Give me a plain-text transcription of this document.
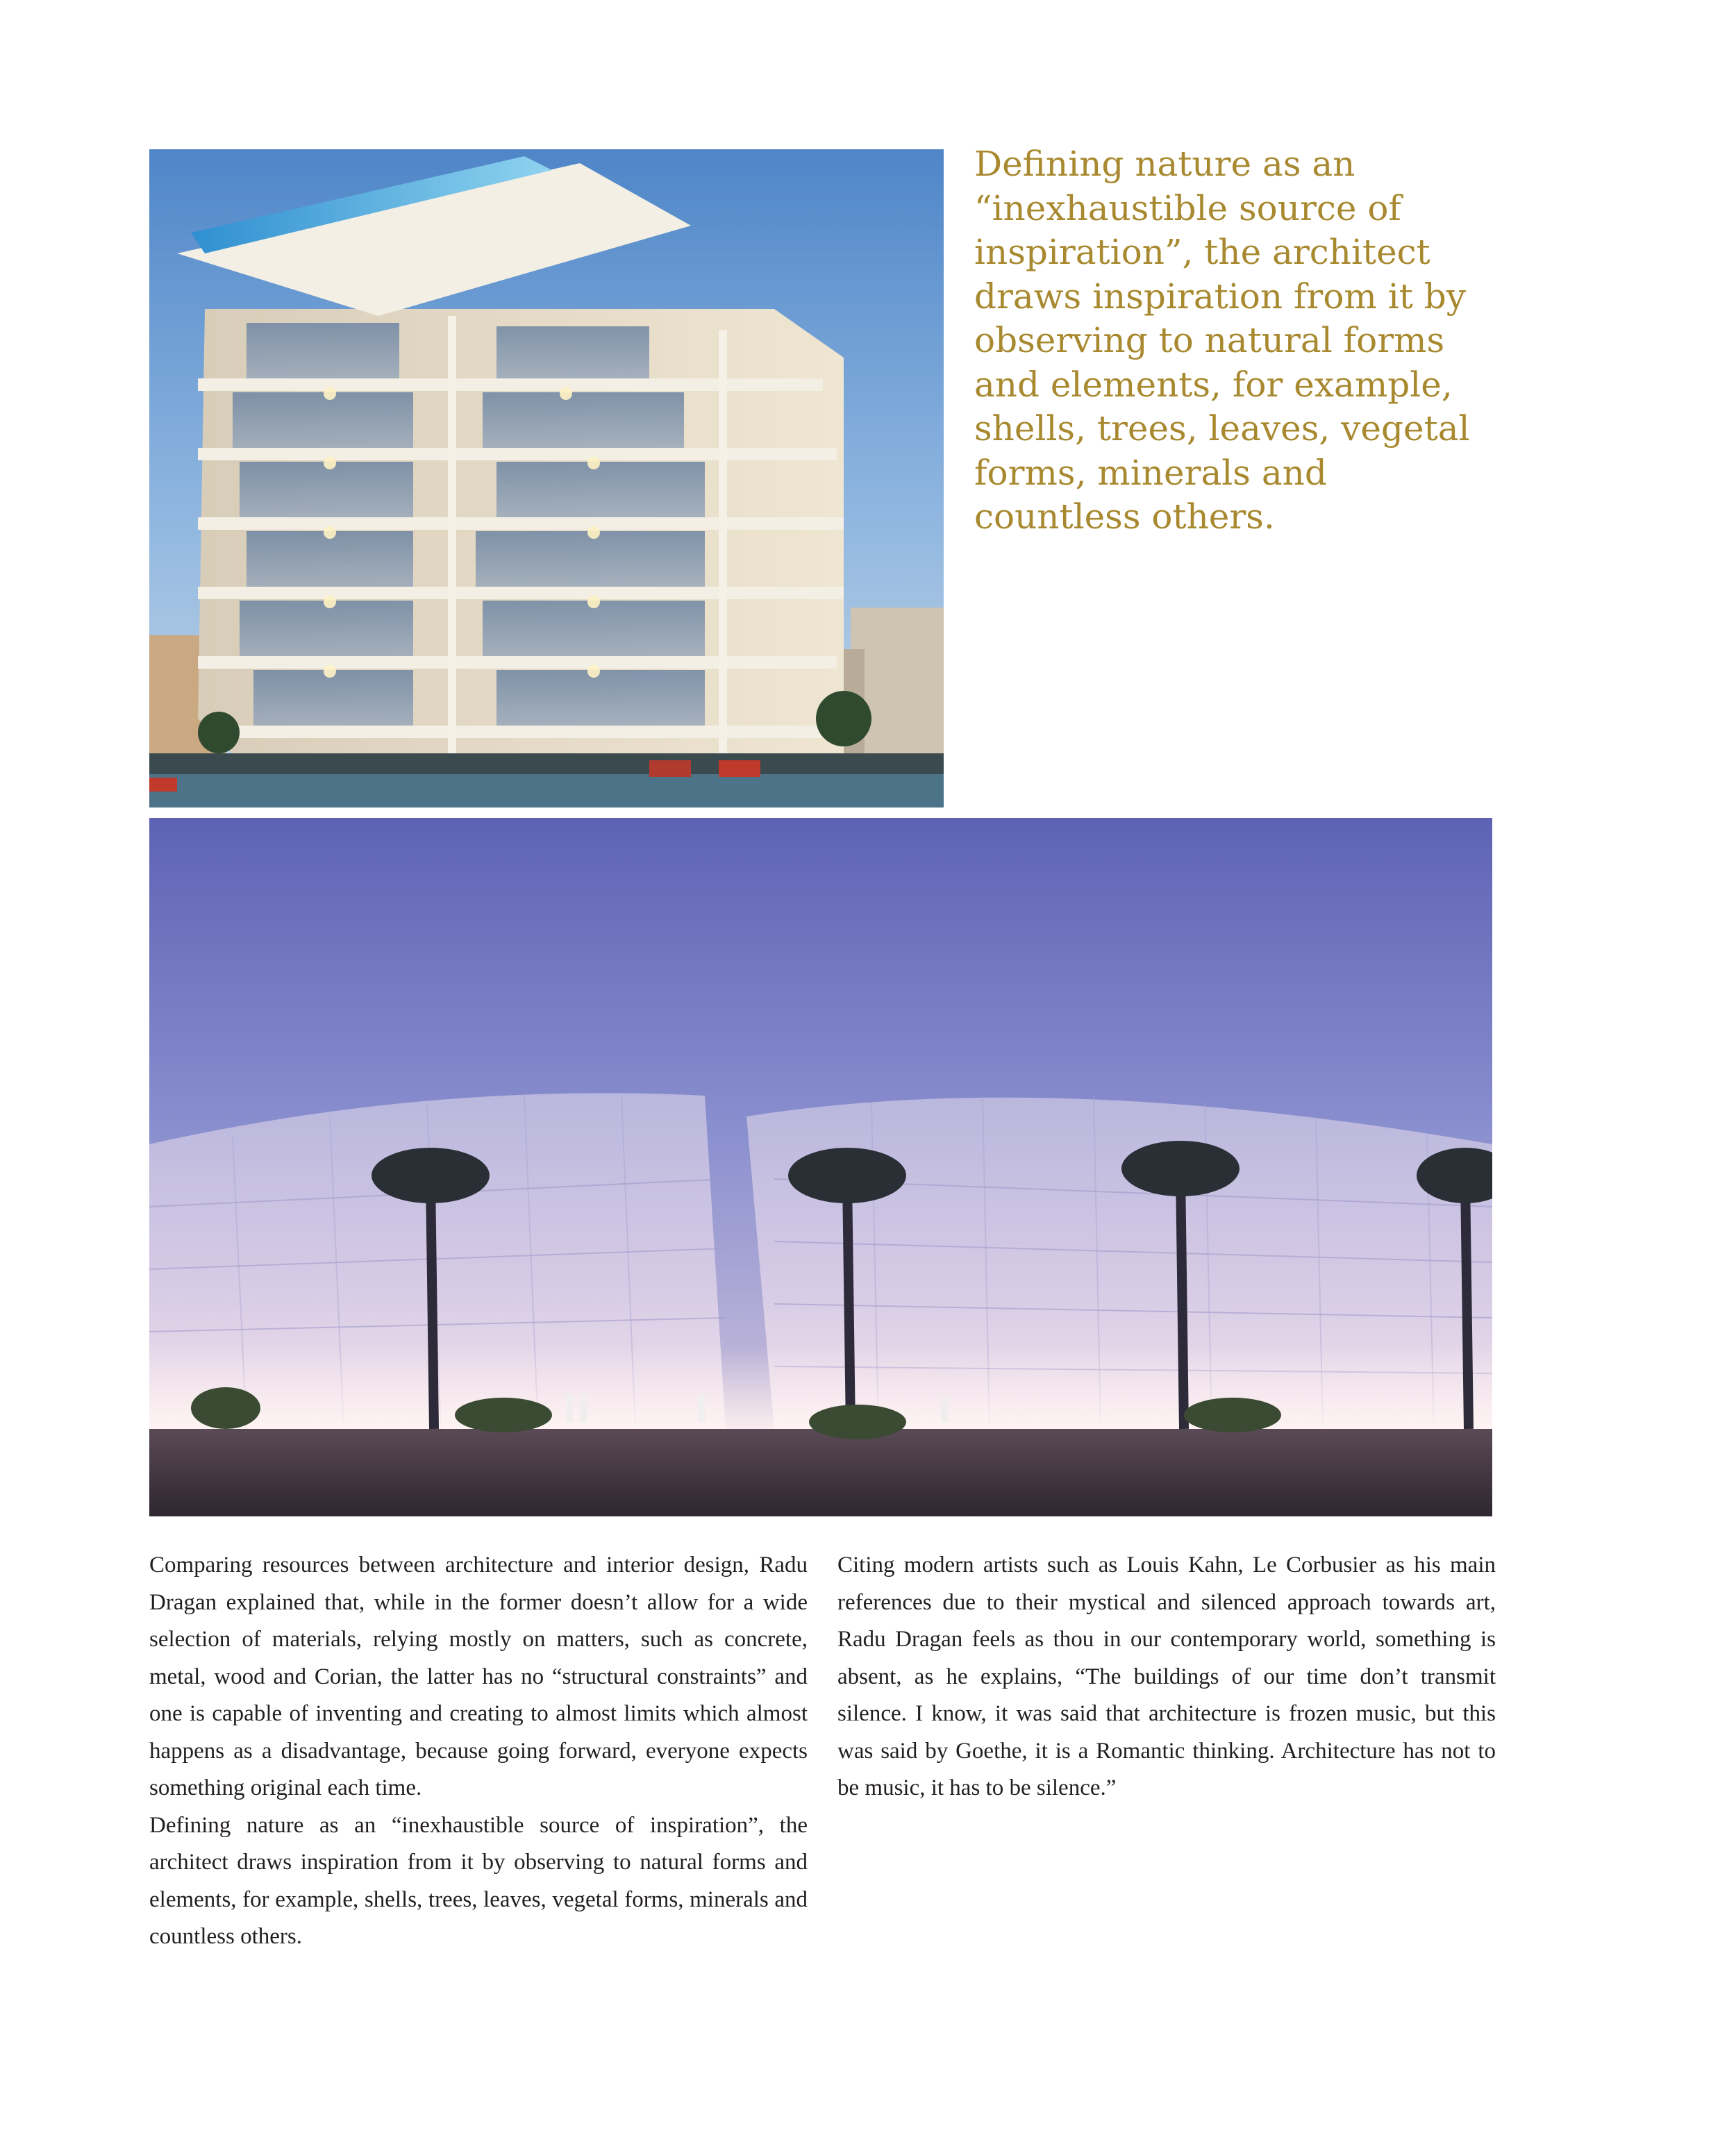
Defining nature as an “inexhaustible source of inspiration”, the architect draws inspiration from it by observing to natural forms and elements, for example, shells, trees, leaves, vegetal forms, minerals and countless others.

Comparing resources between architecture and interior design, Radu Dragan explained that, while in the former doesn’t allow for a wide selection of materials, relying mostly on matters, such as concrete, metal, wood and Corian, the latter has no “structural constraints” and one is capable of inventing and creating to almost limits which almost happens as a disadvantage, because going forward, everyone expects something original each time.

Defining nature as an “inexhaustible source of inspiration”, the architect draws inspiration from it by observing to natural forms and elements, for example, shells, trees, leaves, vegetal forms, minerals and countless others.

Citing modern artists such as Louis Kahn, Le Corbusier as his main references due to their mystical and silenced approach towards art, Radu Dragan feels as thou in our contemporary world, something is absent, as he explains, “The buildings of our time don’t transmit silence. I know, it was said that architecture is frozen music, but this was said by Goethe, it is a Romantic thinking. Architecture has not to be music, it has to be silence.”
